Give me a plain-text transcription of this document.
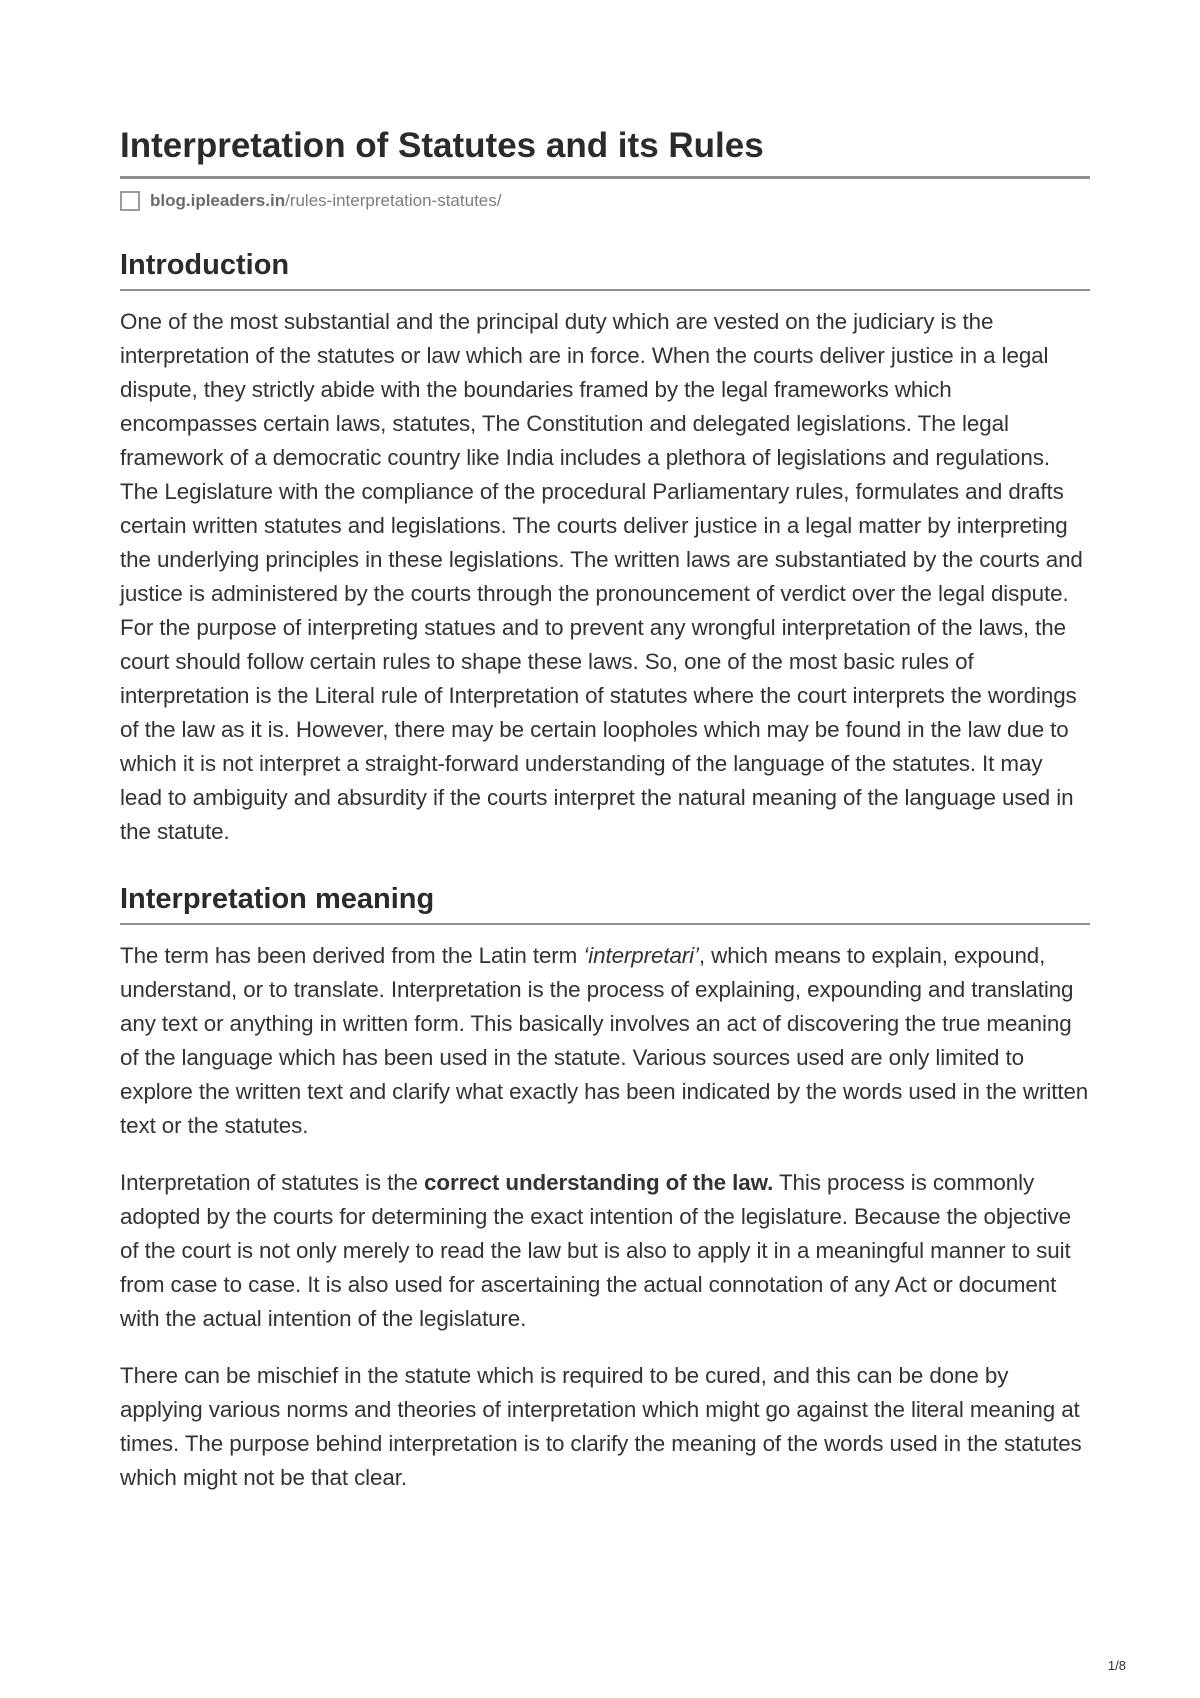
Interpretation of Statutes and its Rules
blog.ipleaders.in /rules-interpretation-statutes/
Introduction

One of the most substantial and the principal duty which are vested on the judiciary is the interpretation of the statutes or law which are in force. When the courts deliver justice in a legal dispute, they strictly abide with the boundaries framed by the legal frameworks which encompasses certain laws, statutes, The Constitution and delegated legislations. The legal framework of a democratic country like India includes a plethora of legislations and regulations. The Legislature with the compliance of the procedural Parliamentary rules, formulates and drafts certain written statutes and legislations. The courts deliver justice in a legal matter by interpreting the underlying principles in these legislations. The written laws are substantiated by the courts and justice is administered by the courts through the pronouncement of verdict over the legal dispute. For the purpose of interpreting statues and to prevent any wrongful interpretation of the laws, the court should follow certain rules to shape these laws. So, one of the most basic rules of interpretation is the Literal rule of Interpretation of statutes where the court interprets the wordings of the law as it is. However, there may be certain loopholes which may be found in the law due to which it is not interpret a straight-forward understanding of the language of the statutes. It may lead to ambiguity and absurdity if the courts interpret the natural meaning of the language used in the statute.

Interpretation meaning

The term has been derived from the Latin term ‘interpretari’, which means to explain, expound, understand, or to translate. Interpretation is the process of explaining, expounding and translating any text or anything in written form. This basically involves an act of discovering the true meaning of the language which has been used in the statute. Various sources used are only limited to explore the written text and clarify what exactly has been indicated by the words used in the written text or the statutes.

Interpretation of statutes is the correct understanding of the law. This process is commonly adopted by the courts for determining the exact intention of the legislature. Because the objective of the court is not only merely to read the law but is also to apply it in a meaningful manner to suit from case to case. It is also used for ascertaining the actual connotation of any Act or document with the actual intention of the legislature.

There can be mischief in the statute which is required to be cured, and this can be done by applying various norms and theories of interpretation which might go against the literal meaning at times. The purpose behind interpretation is to clarify the meaning of the words used in the statutes which might not be that clear.

1/8
